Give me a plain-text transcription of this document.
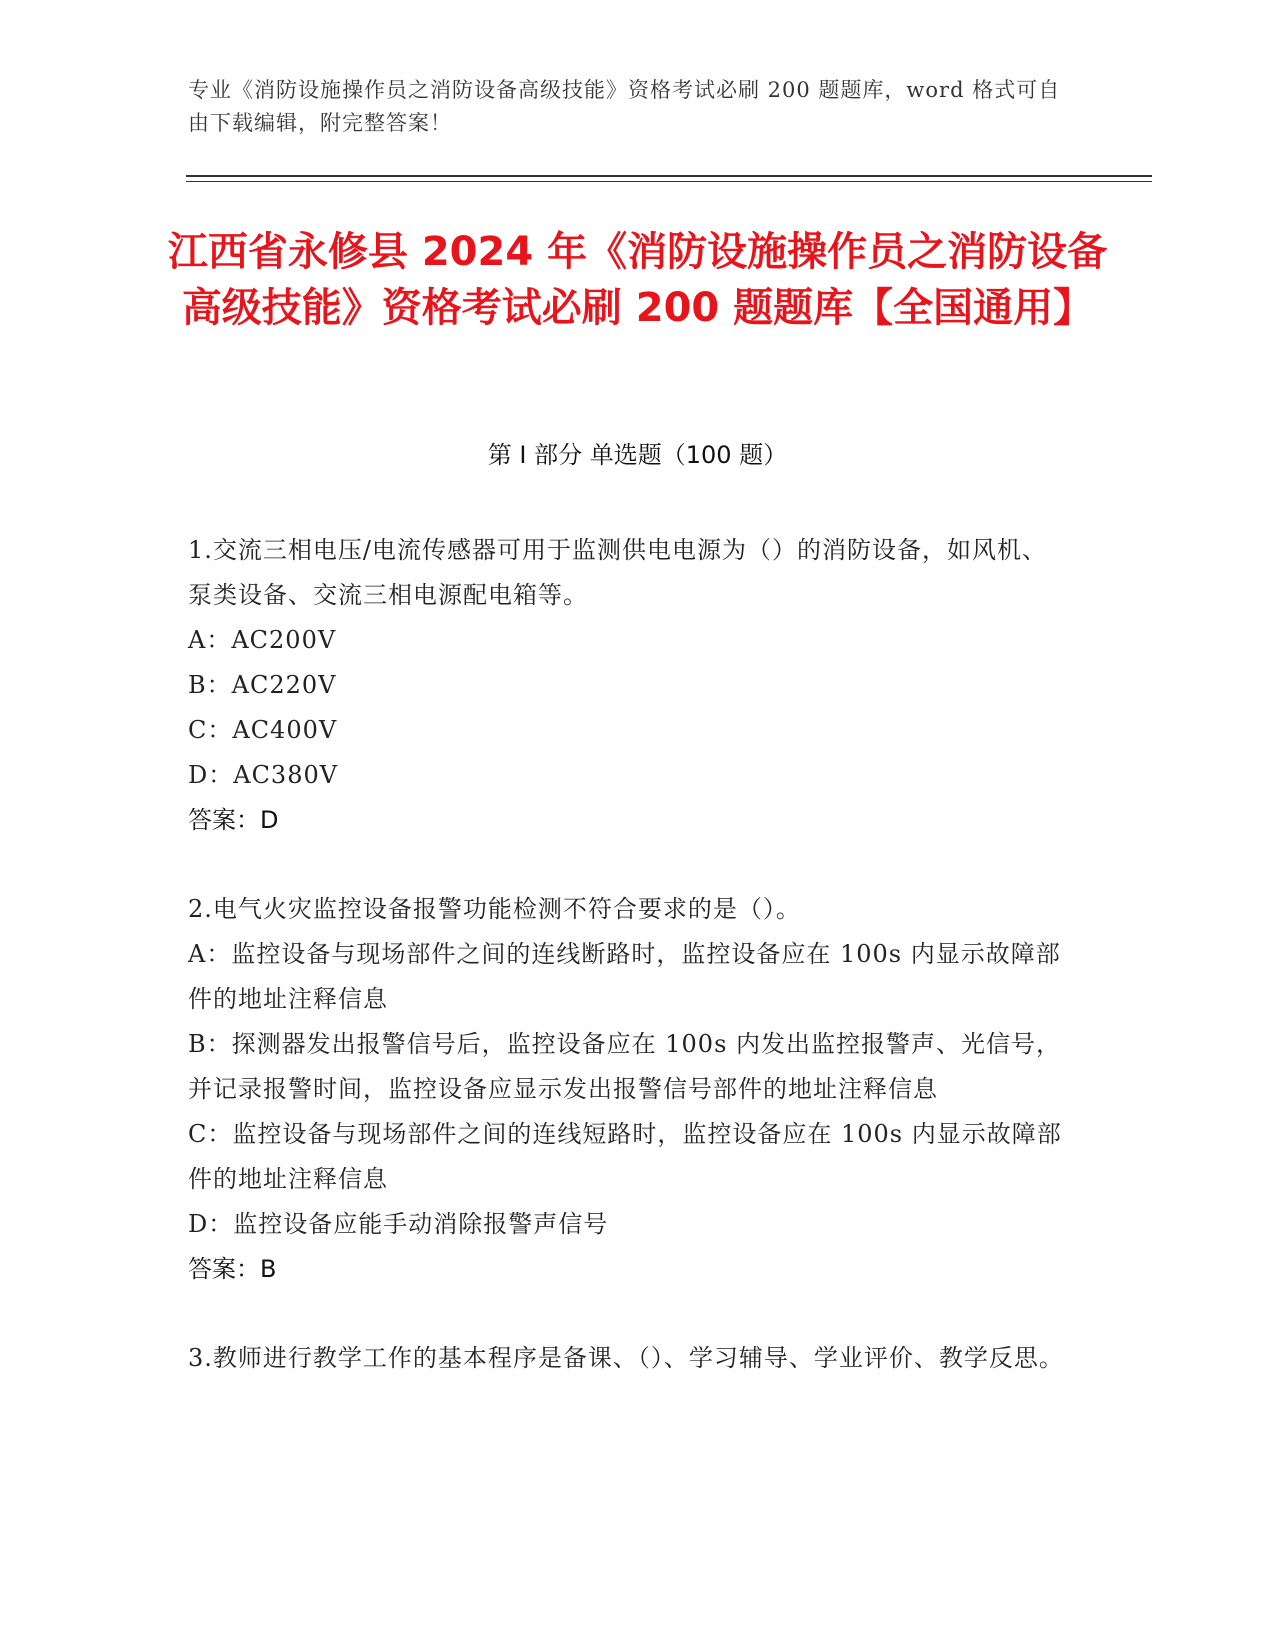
专业《消防设施操作员之消防设备高级技能》资格考试必刷 200 题题库，word 格式可自由下载编辑，附完整答案！
江西省永修县 2024 年《消防设施操作员之消防设备高级技能》资格考试必刷 200 题题库【全国通用】
第 I 部分 单选题（100 题）
1.交流三相电压/电流传感器可用于监测供电电源为（）的消防设备，如风机、泵类设备、交流三相电源配电箱等。
A：AC200V
B：AC220V
C：AC400V
D：AC380V
答案：D
2.电气火灾监控设备报警功能检测不符合要求的是（）。
A：监控设备与现场部件之间的连线断路时，监控设备应在 100s 内显示故障部件的地址注释信息
B：探测器发出报警信号后，监控设备应在 100s 内发出监控报警声、光信号，并记录报警时间，监控设备应显示发出报警信号部件的地址注释信息
C：监控设备与现场部件之间的连线短路时，监控设备应在 100s 内显示故障部件的地址注释信息
D：监控设备应能手动消除报警声信号
答案：B
3.教师进行教学工作的基本程序是备课、（）、学习辅导、学业评价、教学反思。
